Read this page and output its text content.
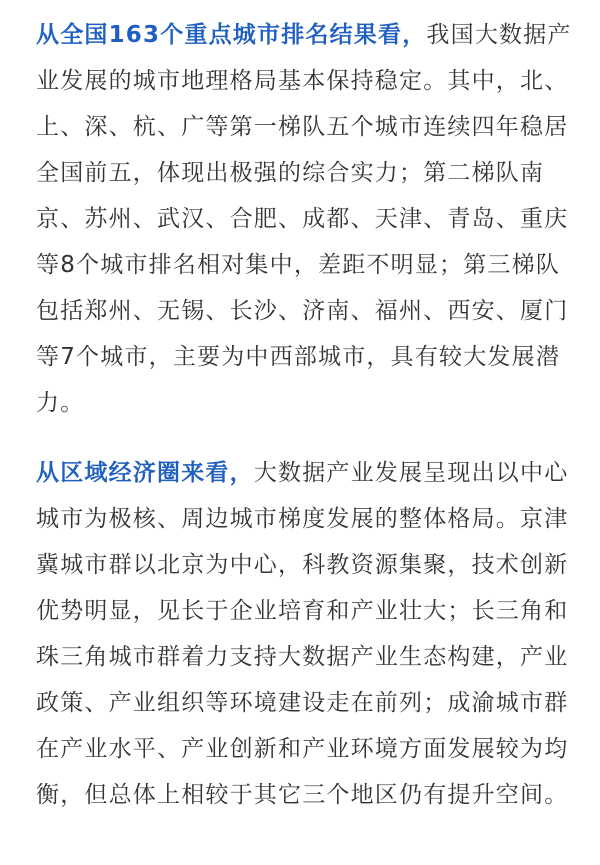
从全国163个重点城市排名结果看，我国大数据产业发展的城市地理格局基本保持稳定。其中，北、上、深、杭、广等第一梯队五个城市连续四年稳居全国前五，体现出极强的综合实力；第二梯队南京、苏州、武汉、合肥、成都、天津、青岛、重庆等8个城市排名相对集中，差距不明显；第三梯队包括郑州、无锡、长沙、济南、福州、西安、厦门等7个城市，主要为中西部城市，具有较大发展潜力。

从区域经济圈来看，大数据产业发展呈现出以中心城市为极核、周边城市梯度发展的整体格局。京津冀城市群以北京为中心，科教资源集聚，技术创新优势明显，见长于企业培育和产业壮大；长三角和珠三角城市群着力支持大数据产业生态构建，产业政策、产业组织等环境建设走在前列；成渝城市群在产业水平、产业创新和产业环境方面发展较为均衡，但总体上相较于其它三个地区仍有提升空间。
